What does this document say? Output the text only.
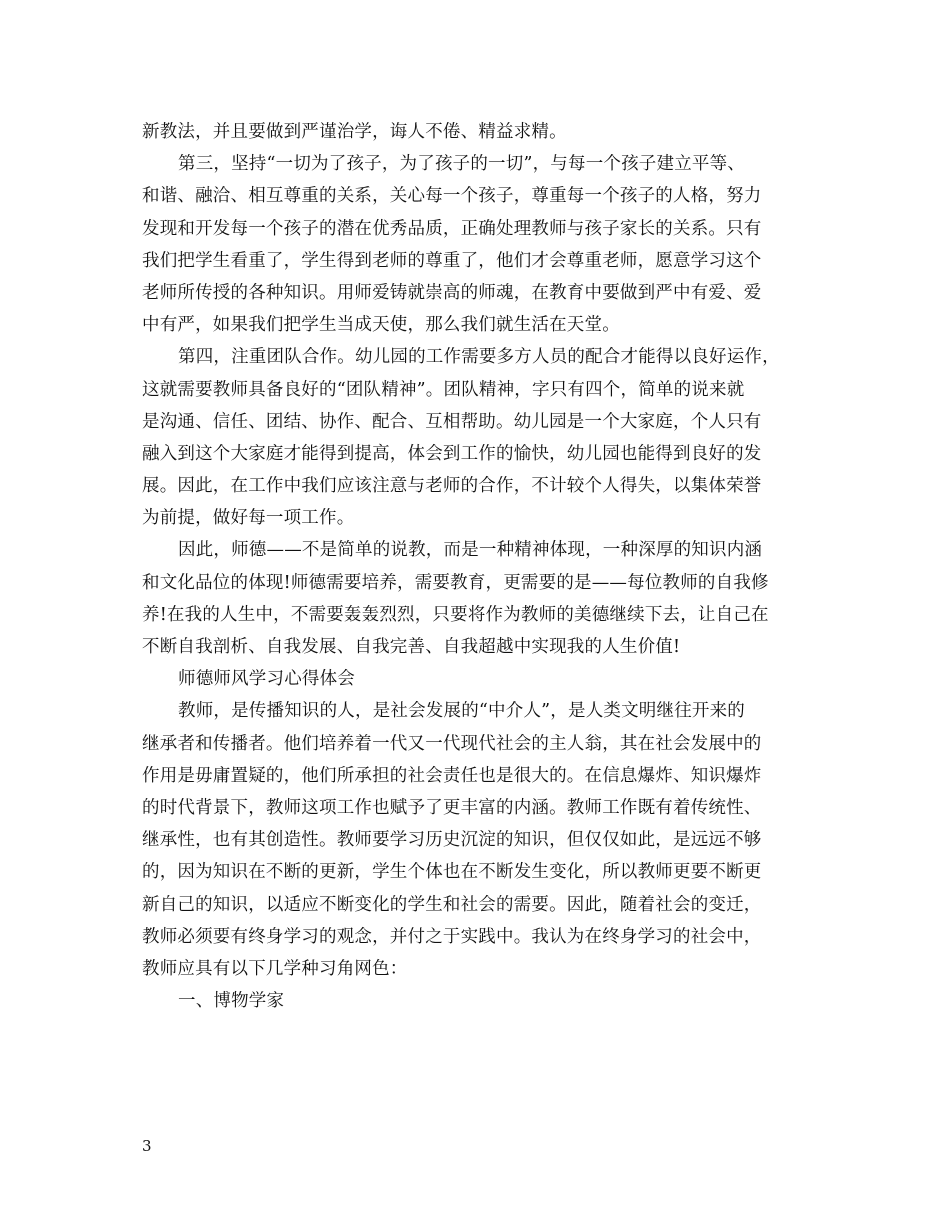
新教法，并且要做到严谨治学，诲人不倦、精益求精。
第三，坚持“一切为了孩子，为了孩子的一切”，与每一个孩子建立平等、
和谐、融洽、相互尊重的关系，关心每一个孩子，尊重每一个孩子的人格，努力
发现和开发每一个孩子的潜在优秀品质，正确处理教师与孩子家长的关系。只有
我们把学生看重了，学生得到老师的尊重了，他们才会尊重老师，愿意学习这个
老师所传授的各种知识。用师爱铸就崇高的师魂，在教育中要做到严中有爱、爱
中有严，如果我们把学生当成天使，那么我们就生活在天堂。
第四，注重团队合作。幼儿园的工作需要多方人员的配合才能得以良好运作，
这就需要教师具备良好的“团队精神”。团队精神，字只有四个，简单的说来就
是沟通、信任、团结、协作、配合、互相帮助。幼儿园是一个大家庭，个人只有
融入到这个大家庭才能得到提高，体会到工作的愉快，幼儿园也能得到良好的发
展。因此，在工作中我们应该注意与老师的合作，不计较个人得失，以集体荣誉
为前提，做好每一项工作。
因此，师德——不是简单的说教，而是一种精神体现，一种深厚的知识内涵
和文化品位的体现!师德需要培养，需要教育，更需要的是——每位教师的自我修
养!在我的人生中，不需要轰轰烈烈，只要将作为教师的美德继续下去，让自己在
不断自我剖析、自我发展、自我完善、自我超越中实现我的人生价值!
师德师风学习心得体会
教师，是传播知识的人，是社会发展的“中介人”，是人类文明继往开来的
继承者和传播者。他们培养着一代又一代现代社会的主人翁，其在社会发展中的
作用是毋庸置疑的，他们所承担的社会责任也是很大的。在信息爆炸、知识爆炸
的时代背景下，教师这项工作也赋予了更丰富的内涵。教师工作既有着传统性、
继承性，也有其创造性。教师要学习历史沉淀的知识，但仅仅如此，是远远不够
的，因为知识在不断的更新，学生个体也在不断发生变化，所以教师更要不断更
新自己的知识，以适应不断变化的学生和社会的需要。因此，随着社会的变迁，
教师必须要有终身学习的观念，并付之于实践中。我认为在终身学习的社会中，
教师应具有以下几学种习角网色：
一、博物学家
3
